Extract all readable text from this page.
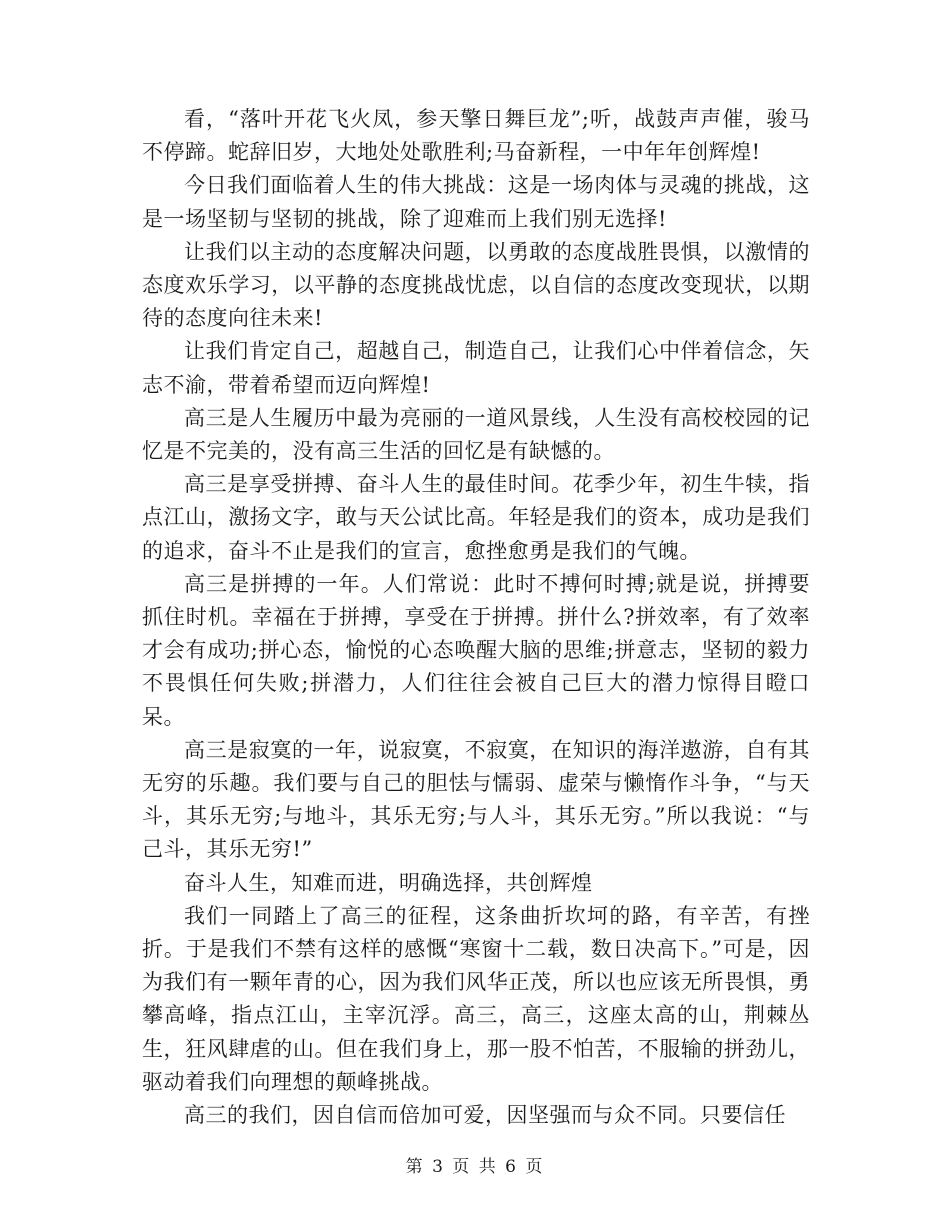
看，“落叶开花飞火凤，参天擎日舞巨龙”;听，战鼓声声催，骏马不停蹄。蛇辞旧岁，大地处处歌胜利;马奋新程，一中年年创辉煌!

今日我们面临着人生的伟大挑战：这是一场肉体与灵魂的挑战，这是一场坚韧与坚韧的挑战，除了迎难而上我们别无选择!

让我们以主动的态度解决问题，以勇敢的态度战胜畏惧，以激情的态度欢乐学习，以平静的态度挑战忧虑，以自信的态度改变现状，以期待的态度向往未来!

让我们肯定自己，超越自己，制造自己，让我们心中伴着信念，矢志不渝，带着希望而迈向辉煌!

高三是人生履历中最为亮丽的一道风景线，人生没有高校校园的记忆是不完美的，没有高三生活的回忆是有缺憾的。

高三是享受拼搏、奋斗人生的最佳时间。花季少年，初生牛犊，指点江山，激扬文字，敢与天公试比高。年轻是我们的资本，成功是我们的追求，奋斗不止是我们的宣言，愈挫愈勇是我们的气魄。

高三是拼搏的一年。人们常说：此时不搏何时搏;就是说，拼搏要抓住时机。幸福在于拼搏，享受在于拼搏。拼什么?拼效率，有了效率才会有成功;拼心态，愉悦的心态唤醒大脑的思维;拼意志，坚韧的毅力不畏惧任何失败;拼潜力，人们往往会被自己巨大的潜力惊得目瞪口呆。

高三是寂寞的一年，说寂寞，不寂寞，在知识的海洋遨游，自有其无穷的乐趣。我们要与自己的胆怯与懦弱、虚荣与懒惰作斗争，“与天斗，其乐无穷;与地斗，其乐无穷;与人斗，其乐无穷。”所以我说：“与己斗，其乐无穷!”

奋斗人生，知难而进，明确选择，共创辉煌

我们一同踏上了高三的征程，这条曲折坎坷的路，有辛苦，有挫折。于是我们不禁有这样的感慨“寒窗十二载，数日决高下。”可是，因为我们有一颗年青的心，因为我们风华正茂，所以也应该无所畏惧，勇攀高峰，指点江山，主宰沉浮。高三，高三，这座太高的山，荆棘丛生，狂风肆虐的山。但在我们身上，那一股不怕苦，不服输的拼劲儿，驱动着我们向理想的颠峰挑战。

高三的我们，因自信而倍加可爱，因坚强而与众不同。只要信任

第 3 页 共 6 页
